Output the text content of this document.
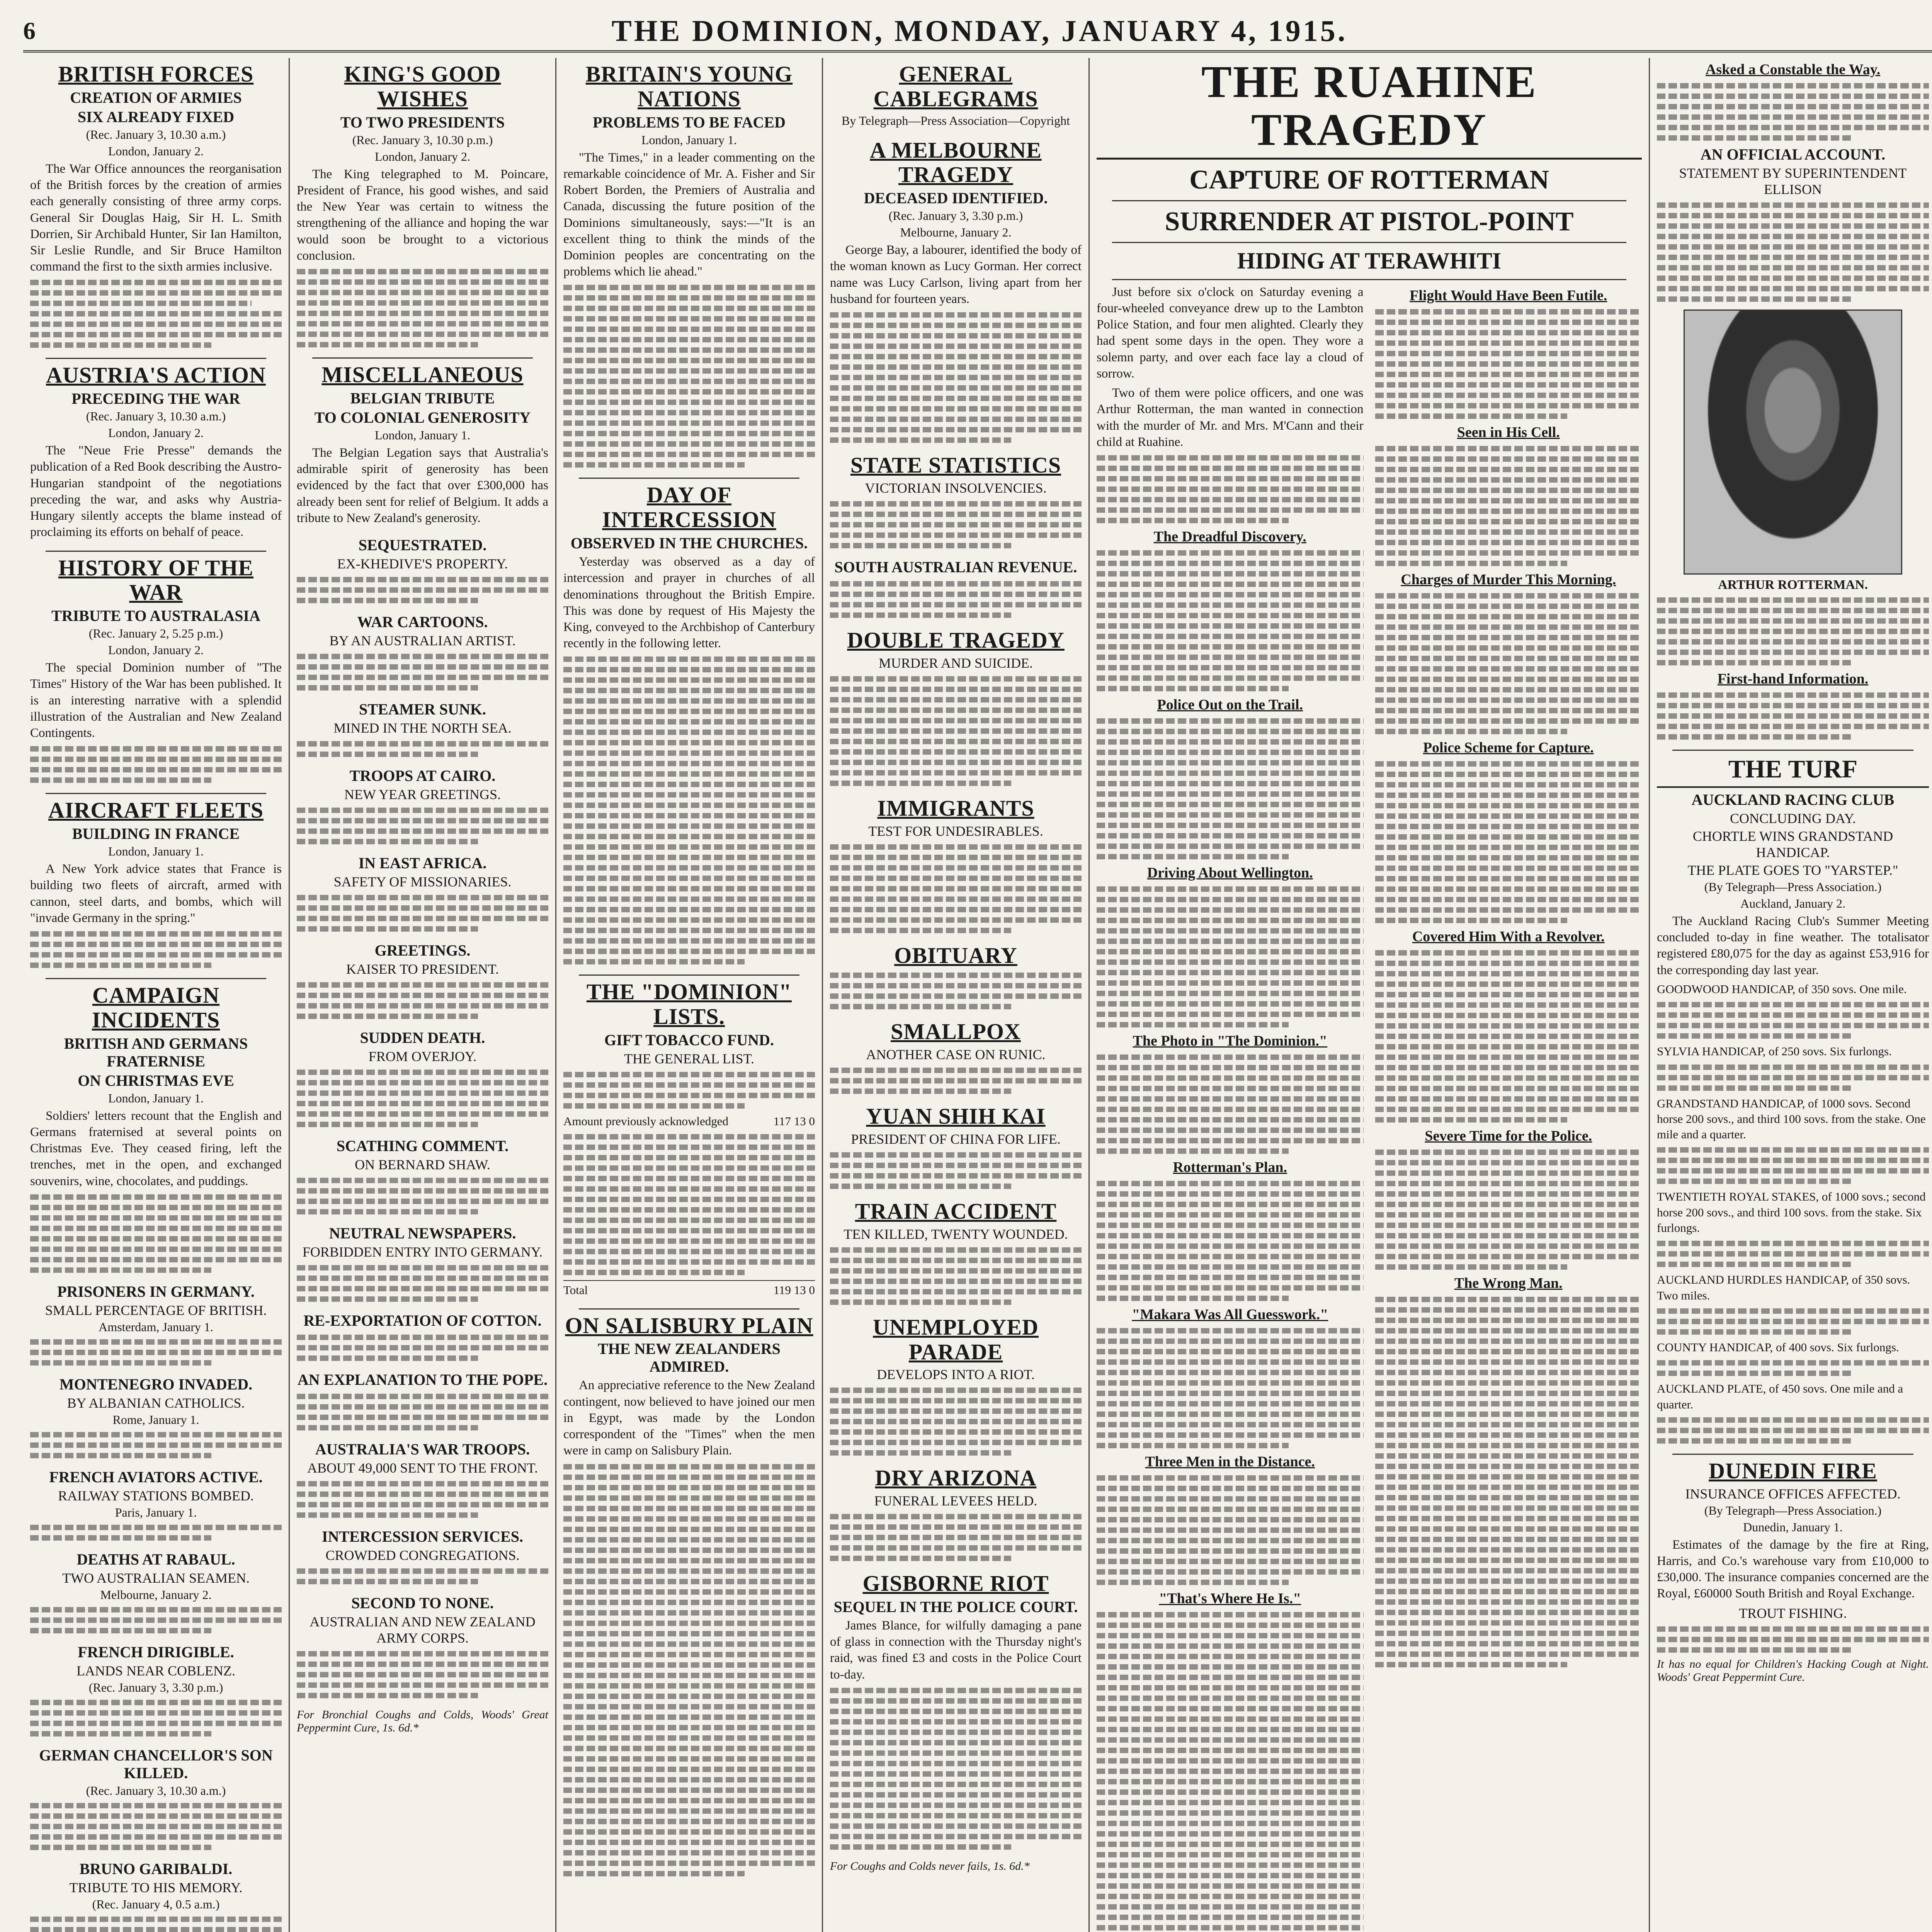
6	THE DOMINION, MONDAY, JANUARY 4, 1915.
BRITISH FORCES
CREATION OF ARMIES
SIX ALREADY FIXED
(Rec. January 3, 10.30 a.m.)
London, January 2.

The War Office announces the reorganisation of the British forces by the creation of armies each generally consisting of three army corps. General Sir Douglas Haig, Sir H. L. Smith Dorrien, Sir Archibald Hunter, Sir Ian Hamilton, Sir Leslie Rundle, and Sir Bruce Hamilton command the first to the sixth armies inclusive.

AUSTRIA'S ACTION
PRECEDING THE WAR
(Rec. January 3, 10.30 a.m.)
London, January 2.

The "Neue Frie Presse" demands the publication of a Red Book describing the Austro-Hungarian standpoint of the negotiations preceding the war, and asks why Austria-Hungary silently accepts the blame instead of proclaiming its efforts on behalf of peace.

HISTORY OF THE WAR
TRIBUTE TO AUSTRALASIA
(Rec. January 2, 5.25 p.m.)
London, January 2.

The special Dominion number of "The Times" History of the War has been published. It is an interesting narrative with a splendid illustration of the Australian and New Zealand Contingents.

AIRCRAFT FLEETS
BUILDING IN FRANCE
London, January 1.

A New York advice states that France is building two fleets of aircraft, armed with cannon, steel darts, and bombs, which will "invade Germany in the spring."

CAMPAIGN INCIDENTS
BRITISH AND GERMANS FRATERNISE
ON CHRISTMAS EVE
London, January 1.

Soldiers' letters recount that the English and Germans fraternised at several points on Christmas Eve. They ceased firing, left the trenches, met in the open, and exchanged souvenirs, wine, chocolates, and puddings.

PRISONERS IN GERMANY.
SMALL PERCENTAGE OF BRITISH.
Amsterdam, January 1.
MONTENEGRO INVADED.
BY ALBANIAN CATHOLICS.
Rome, January 1.
FRENCH AVIATORS ACTIVE.
RAILWAY STATIONS BOMBED.
Paris, January 1.
DEATHS AT RABAUL.
TWO AUSTRALIAN SEAMEN.
Melbourne, January 2.
FRENCH DIRIGIBLE.
LANDS NEAR COBLENZ.
(Rec. January 3, 3.30 p.m.)
GERMAN CHANCELLOR'S SON KILLED.
(Rec. January 3, 10.30 a.m.)
BRUNO GARIBALDI.
TRIBUTE TO HIS MEMORY.
(Rec. January 4, 0.5 a.m.)
KING'S GOOD WISHES
TO TWO PRESIDENTS
(Rec. January 3, 10.30 p.m.)
London, January 2.

The King telegraphed to M. Poincare, President of France, his good wishes, and said the New Year was certain to witness the strengthening of the alliance and hoping the war would soon be brought to a victorious conclusion.

MISCELLANEOUS
BELGIAN TRIBUTE
TO COLONIAL GENEROSITY
London, January 1.

The Belgian Legation says that Australia's admirable spirit of generosity has been evidenced by the fact that over £300,000 has already been sent for relief of Belgium. It adds a tribute to New Zealand's generosity.

SEQUESTRATED.
EX-KHEDIVE'S PROPERTY.
WAR CARTOONS.
BY AN AUSTRALIAN ARTIST.
STEAMER SUNK.
MINED IN THE NORTH SEA.
TROOPS AT CAIRO.
NEW YEAR GREETINGS.
IN EAST AFRICA.
SAFETY OF MISSIONARIES.
GREETINGS.
KAISER TO PRESIDENT.
SUDDEN DEATH.
FROM OVERJOY.
SCATHING COMMENT.
ON BERNARD SHAW.
NEUTRAL NEWSPAPERS.
FORBIDDEN ENTRY INTO GERMANY.
RE-EXPORTATION OF COTTON.
AN EXPLANATION TO THE POPE.
AUSTRALIA'S WAR TROOPS.
ABOUT 49,000 SENT TO THE FRONT.
INTERCESSION SERVICES.
CROWDED CONGREGATIONS.
SECOND TO NONE.
AUSTRALIAN AND NEW ZEALAND ARMY CORPS.
For Bronchial Coughs and Colds, Woods' Great Peppermint Cure, 1s. 6d.*
BRITAIN'S YOUNG NATIONS
PROBLEMS TO BE FACED
London, January 1.

"The Times," in a leader commenting on the remarkable coincidence of Mr. A. Fisher and Sir Robert Borden, the Premiers of Australia and Canada, discussing the future position of the Dominions simultaneously, says:—"It is an excellent thing to think the minds of the Dominion peoples are concentrating on the problems which lie ahead."

DAY OF INTERCESSION
OBSERVED IN THE CHURCHES.

Yesterday was observed as a day of intercession and prayer in churches of all denominations throughout the British Empire. This was done by request of His Majesty the King, conveyed to the Archbishop of Canterbury recently in the following letter.

THE "DOMINION" LISTS.
GIFT TOBACCO FUND.
THE GENERAL LIST.
Amount previously acknowledged	117 13 0
Total	119 13 0
ON SALISBURY PLAIN
THE NEW ZEALANDERS ADMIRED.

An appreciative reference to the New Zealand contingent, now believed to have joined our men in Egypt, was made by the London correspondent of the "Times" when the men were in camp on Salisbury Plain.

GENERAL CABLEGRAMS
By Telegraph—Press Association—Copyright
A MELBOURNE TRAGEDY
DECEASED IDENTIFIED.
(Rec. January 3, 3.30 p.m.)
Melbourne, January 2.

George Bay, a labourer, identified the body of the woman known as Lucy Gorman. Her correct name was Lucy Carlson, living apart from her husband for fourteen years.

STATE STATISTICS
VICTORIAN INSOLVENCIES.
SOUTH AUSTRALIAN REVENUE.
DOUBLE TRAGEDY
MURDER AND SUICIDE.
IMMIGRANTS
TEST FOR UNDESIRABLES.
OBITUARY
SMALLPOX
ANOTHER CASE ON RUNIC.
YUAN SHIH KAI
PRESIDENT OF CHINA FOR LIFE.
TRAIN ACCIDENT
TEN KILLED, TWENTY WOUNDED.
UNEMPLOYED PARADE
DEVELOPS INTO A RIOT.
DRY ARIZONA
FUNERAL LEVEES HELD.
GISBORNE RIOT
SEQUEL IN THE POLICE COURT.

James Blance, for wilfully damaging a pane of glass in connection with the Thursday night's raid, was fined £3 and costs in the Police Court to-day.

For Coughs and Colds never fails, 1s. 6d.*
THE RUAHINE TRAGEDY
CAPTURE OF ROTTERMAN
SURRENDER AT PISTOL-POINT
HIDING AT TERAWHITI

Just before six o'clock on Saturday evening a four-wheeled conveyance drew up to the Lambton Police Station, and four men alighted. Clearly they had spent some days in the open. They wore a solemn party, and over each face lay a cloud of sorrow.

Two of them were police officers, and one was Arthur Rotterman, the man wanted in connection with the murder of Mr. and Mrs. M'Cann and their child at Ruahine.

The Dreadful Discovery.
Police Out on the Trail.
Driving About Wellington.
The Photo in "The Dominion."
Rotterman's Plan.
"Makara Was All Guesswork."
Three Men in the Distance.
"That's Where He Is."
Flight Would Have Been Futile.
Seen in His Cell.
Charges of Murder This Morning.
Police Scheme for Capture.
Covered Him With a Revolver.
Severe Time for the Police.
The Wrong Man.
Asked a Constable the Way.
AN OFFICIAL ACCOUNT.
STATEMENT BY SUPERINTENDENT ELLISON
ARTHUR ROTTERMAN.
First-hand Information.
THE TURF
AUCKLAND RACING CLUB
CONCLUDING DAY.
CHORTLE WINS GRANDSTAND HANDICAP.
THE PLATE GOES TO "YARSTEP."
(By Telegraph—Press Association.)
Auckland, January 2.

The Auckland Racing Club's Summer Meeting concluded to-day in fine weather. The totalisator registered £80,075 for the day as against £53,916 for the corresponding day last year.

GOODWOOD HANDICAP, of 350 sovs. One mile.
SYLVIA HANDICAP, of 250 sovs. Six furlongs.
GRANDSTAND HANDICAP, of 1000 sovs. Second horse 200 sovs., and third 100 sovs. from the stake. One mile and a quarter.
TWENTIETH ROYAL STAKES, of 1000 sovs.; second horse 200 sovs., and third 100 sovs. from the stake. Six furlongs.
AUCKLAND HURDLES HANDICAP, of 350 sovs. Two miles.
COUNTY HANDICAP, of 400 sovs. Six furlongs.
AUCKLAND PLATE, of 450 sovs. One mile and a quarter.
DUNEDIN FIRE
INSURANCE OFFICES AFFECTED.
(By Telegraph—Press Association.)
Dunedin, January 1.

Estimates of the damage by the fire at Ring, Harris, and Co.'s warehouse vary from £10,000 to £30,000. The insurance companies concerned are the Royal, £60000 South British and Royal Exchange.

TROUT FISHING.
It has no equal for Children's Hacking Cough at Night. Woods' Great Peppermint Cure.
